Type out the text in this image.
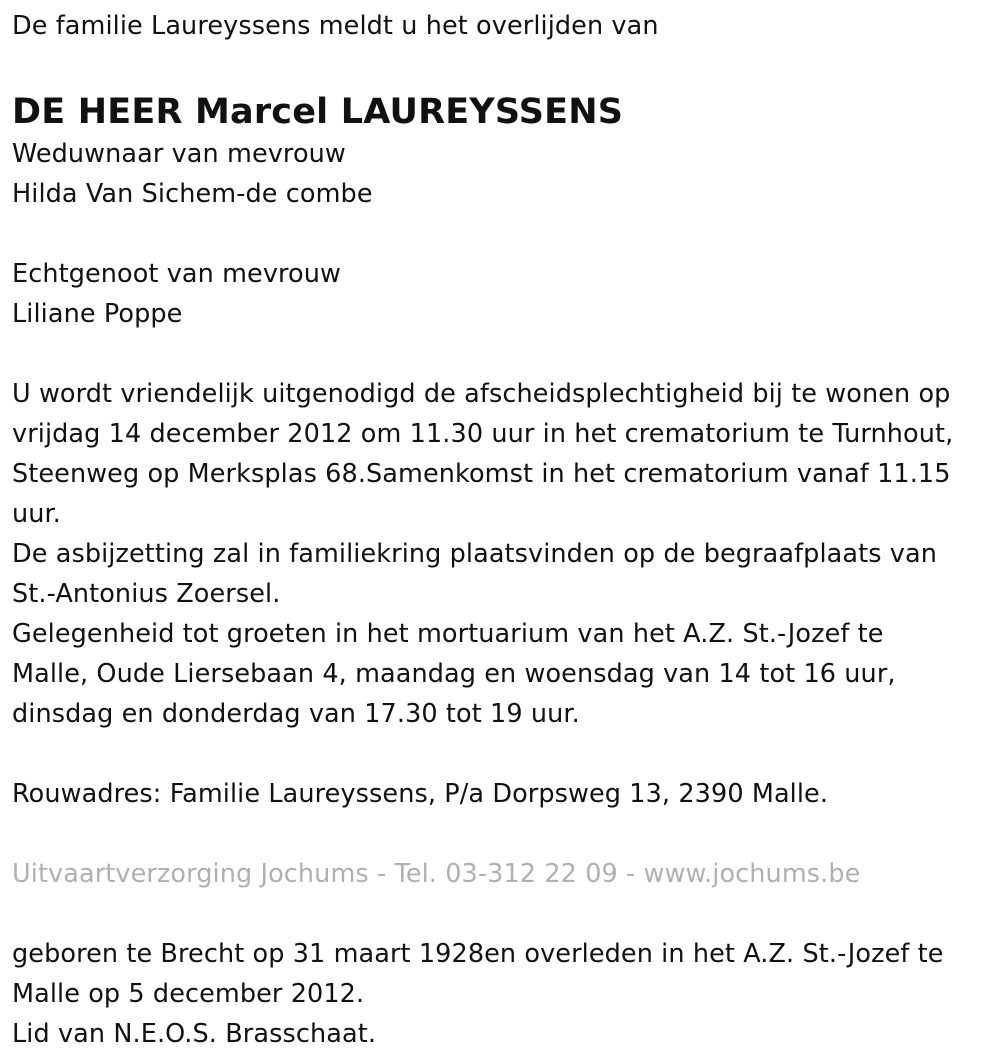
De familie Laureyssens meldt u het overlijden van
DE HEER Marcel LAUREYSSENS
Weduwnaar van mevrouw
Hilda Van Sichem-de combe
Echtgenoot van mevrouw
Liliane Poppe
U wordt vriendelijk uitgenodigd de afscheidsplechtigheid bij te wonen op
vrijdag 14 december 2012 om 11.30 uur in het crematorium te Turnhout,
Steenweg op Merksplas 68.Samenkomst in het crematorium vanaf 11.15
uur.
De asbijzetting zal in familiekring plaatsvinden op de begraafplaats van
St.-Antonius Zoersel.
Gelegenheid tot groeten in het mortuarium van het A.Z. St.-Jozef te
Malle, Oude Liersebaan 4, maandag en woensdag van 14 tot 16 uur,
dinsdag en donderdag van 17.30 tot 19 uur.
Rouwadres: Familie Laureyssens, P/a Dorpsweg 13, 2390 Malle.
Uitvaartverzorging Jochums - Tel. 03-312 22 09 - www.jochums.be
geboren te Brecht op 31 maart 1928en overleden in het A.Z. St.-Jozef te
Malle op 5 december 2012.
Lid van N.E.O.S. Brasschaat.
